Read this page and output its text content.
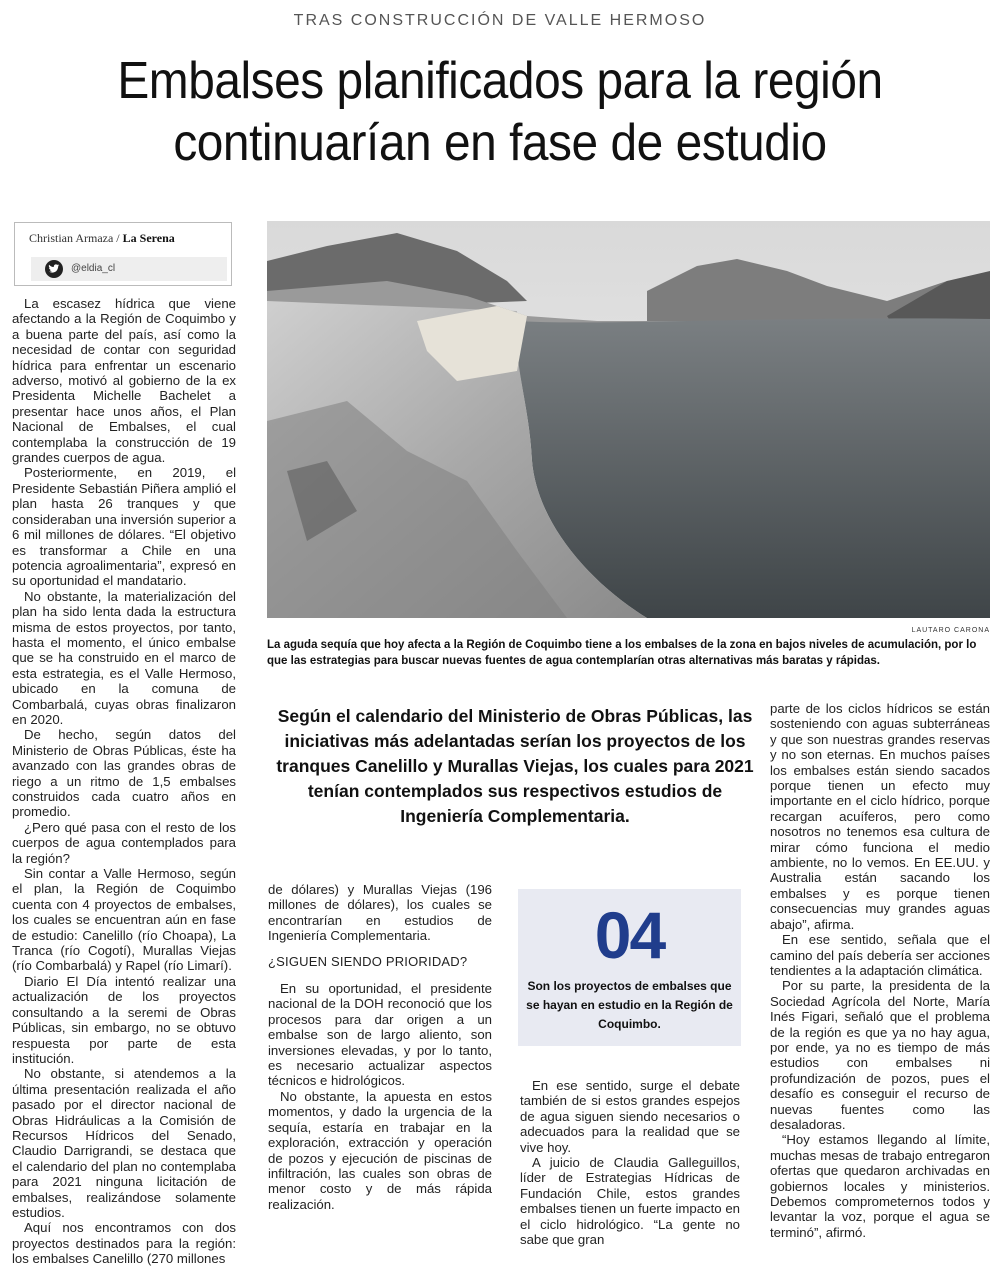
TRAS CONSTRUCCIÓN DE VALLE HERMOSO
Embalses planificados para la región
continuarían en fase de estudio
Christian Armaza / La Serena
@eldia_cl
LAUTARO CARONA
La aguda sequía que hoy afecta a la Región de Coquimbo tiene a los embalses de la zona en bajos niveles de acumulación, por lo que las estrategias para buscar nuevas fuentes de agua contemplarían otras alternativas más baratas y rápidas.

La escasez hídrica que viene afectando a la Región de Coquimbo y a buena parte del país, así como la necesidad de contar con seguridad hídrica para enfrentar un escenario adverso, motivó al gobierno de la ex Presidenta Michelle Bachelet a presentar hace unos años, el Plan Nacional de Embalses, el cual contemplaba la construcción de 19 grandes cuerpos de agua.

Posteriormente, en 2019, el Presidente Sebastián Piñera amplió el plan hasta 26 tranques y que consideraban una inversión superior a 6 mil millones de dólares. “El objetivo es transformar a Chile en una potencia agroalimentaria”, expresó en su oportunidad el mandatario.

No obstante, la materialización del plan ha sido lenta dada la estructura misma de estos proyectos, por tanto, hasta el momento, el único embalse que se ha construido en el marco de esta estrategia, es el Valle Hermoso, ubicado en la comuna de Combarbalá, cuyas obras finalizaron en 2020.

De hecho, según datos del Ministerio de Obras Públicas, éste ha avanzado con las grandes obras de riego a un ritmo de 1,5 embalses construidos cada cuatro años en promedio.

¿Pero qué pasa con el resto de los cuerpos de agua contemplados para la región?

Sin contar a Valle Hermoso, según el plan, la Región de Coquimbo cuenta con 4 proyectos de embalses, los cuales se encuentran aún en fase de estudio: Canelillo (río Choapa), La Tranca (río Cogotí), Murallas Viejas (río Combarbalá) y Rapel (río Limarí).

Diario El Día intentó realizar una actualización de los proyectos consultando a la seremi de Obras Públicas, sin embargo, no se obtuvo respuesta por parte de esta institución.

No obstante, si atendemos a la última presentación realizada el año pasado por el director nacional de Obras Hidráulicas a la Comisión de Recursos Hídricos del Senado, Claudio Darrigrandi, se destaca que el calendario del plan no contemplaba para 2021 ninguna licitación de embalses, realizándose solamente estudios.

Aquí nos encontramos con dos proyectos destinados para la región: los embalses Canelillo (270 millones

Según el calendario del Ministerio de Obras Públicas, las iniciativas más adelantadas serían los proyectos de los tranques Canelillo y Murallas Viejas, los cuales para 2021 tenían contemplados sus respectivos estudios de Ingeniería Complementaria.

de dólares) y Murallas Viejas (196 millones de dólares), los cuales se encontrarían en estudios de Ingeniería Complementaria.

¿SIGUEN SIENDO PRIORIDAD?

En su oportunidad, el presidente nacional de la DOH reconoció que los procesos para dar origen a un embalse son de largo aliento, son inversiones elevadas, y por lo tanto, es necesario actualizar aspectos técnicos e hidrológicos.

No obstante, la apuesta en estos momentos, y dado la urgencia de la sequía, estaría en trabajar en la exploración, extracción y operación de pozos y ejecución de piscinas de infiltración, las cuales son obras de menor costo y de más rápida realización.

04
Son los proyectos de embalses que se hayan en estudio en la Región de Coquimbo.

En ese sentido, surge el debate también de si estos grandes espejos de agua siguen siendo necesarios o adecuados para la realidad que se vive hoy.

A juicio de Claudia Galleguillos, líder de Estrategias Hídricas de Fundación Chile, estos grandes embalses tienen un fuerte impacto en el ciclo hidrológico. “La gente no sabe que gran

parte de los ciclos hídricos se están sosteniendo con aguas subterráneas y que son nuestras grandes reservas y no son eternas. En muchos países los embalses están siendo sacados porque tienen un efecto muy importante en el ciclo hídrico, porque recargan acuíferos, pero como nosotros no tenemos esa cultura de mirar cómo funciona el medio ambiente, no lo vemos. En EE.UU. y Australia están sacando los embalses y es porque tienen consecuencias muy grandes aguas abajo”, afirma.

En ese sentido, señala que el camino del país debería ser acciones tendientes a la adaptación climática.

Por su parte, la presidenta de la Sociedad Agrícola del Norte, María Inés Figari, señaló que el problema de la región es que ya no hay agua, por ende, ya no es tiempo de más estudios con embalses ni profundización de pozos, pues el desafío es conseguir el recurso de nuevas fuentes como las desaladoras.

“Hoy estamos llegando al límite, muchas mesas de trabajo entregaron ofertas que quedaron archivadas en gobiernos locales y ministerios. Debemos comprometernos todos y levantar la voz, porque el agua se terminó”, afirmó.
